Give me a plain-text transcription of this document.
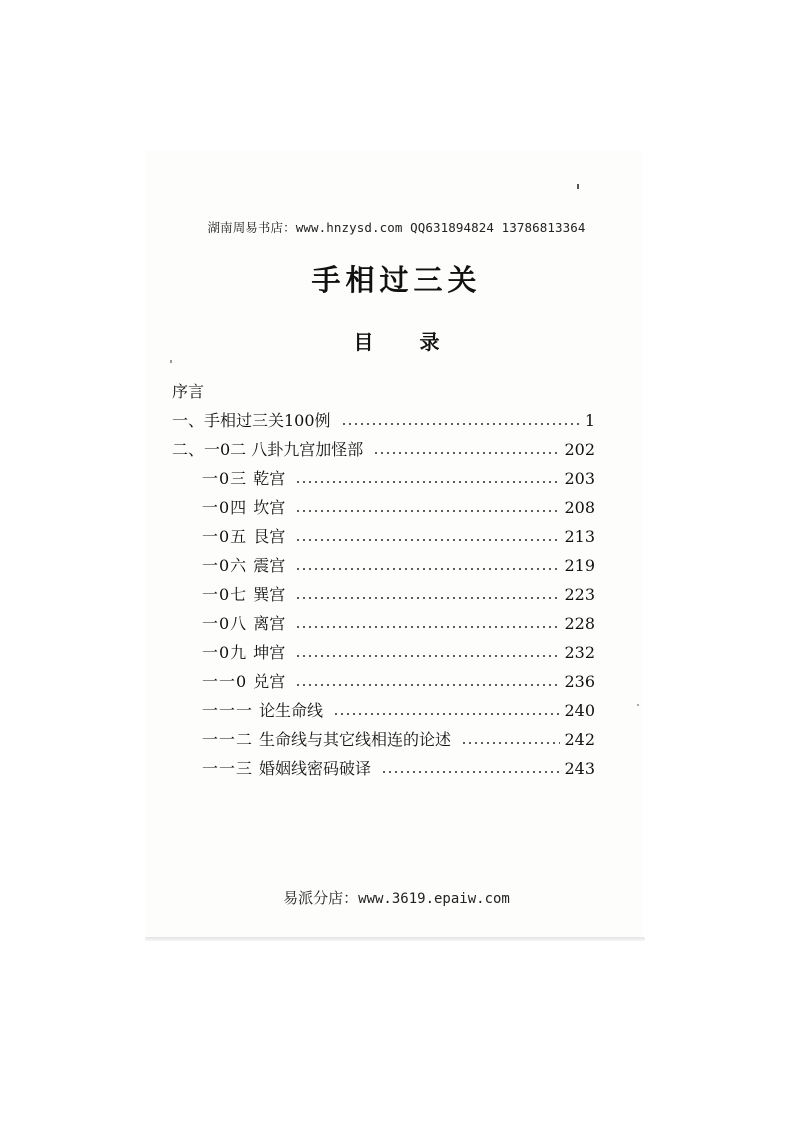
湖南周易书店：www.hnzysd.com QQ631894824 13786813364
手相过三关
目录
序言
一、手相过三关100例	1
二、一0二 八卦九宫加怪部	202
一0三 乾宫	203
一0四 坎宫	208
一0五 艮宫	213
一0六 震宫	219
一0七 巽宫	223
一0八 离宫	228
一0九 坤宫	232
一一0 兑宫	236
一一一 论生命线	240
一一二 生命线与其它线相连的论述	242
一一三 婚姻线密码破译	243
易派分店：www.3619.epaiw.com
